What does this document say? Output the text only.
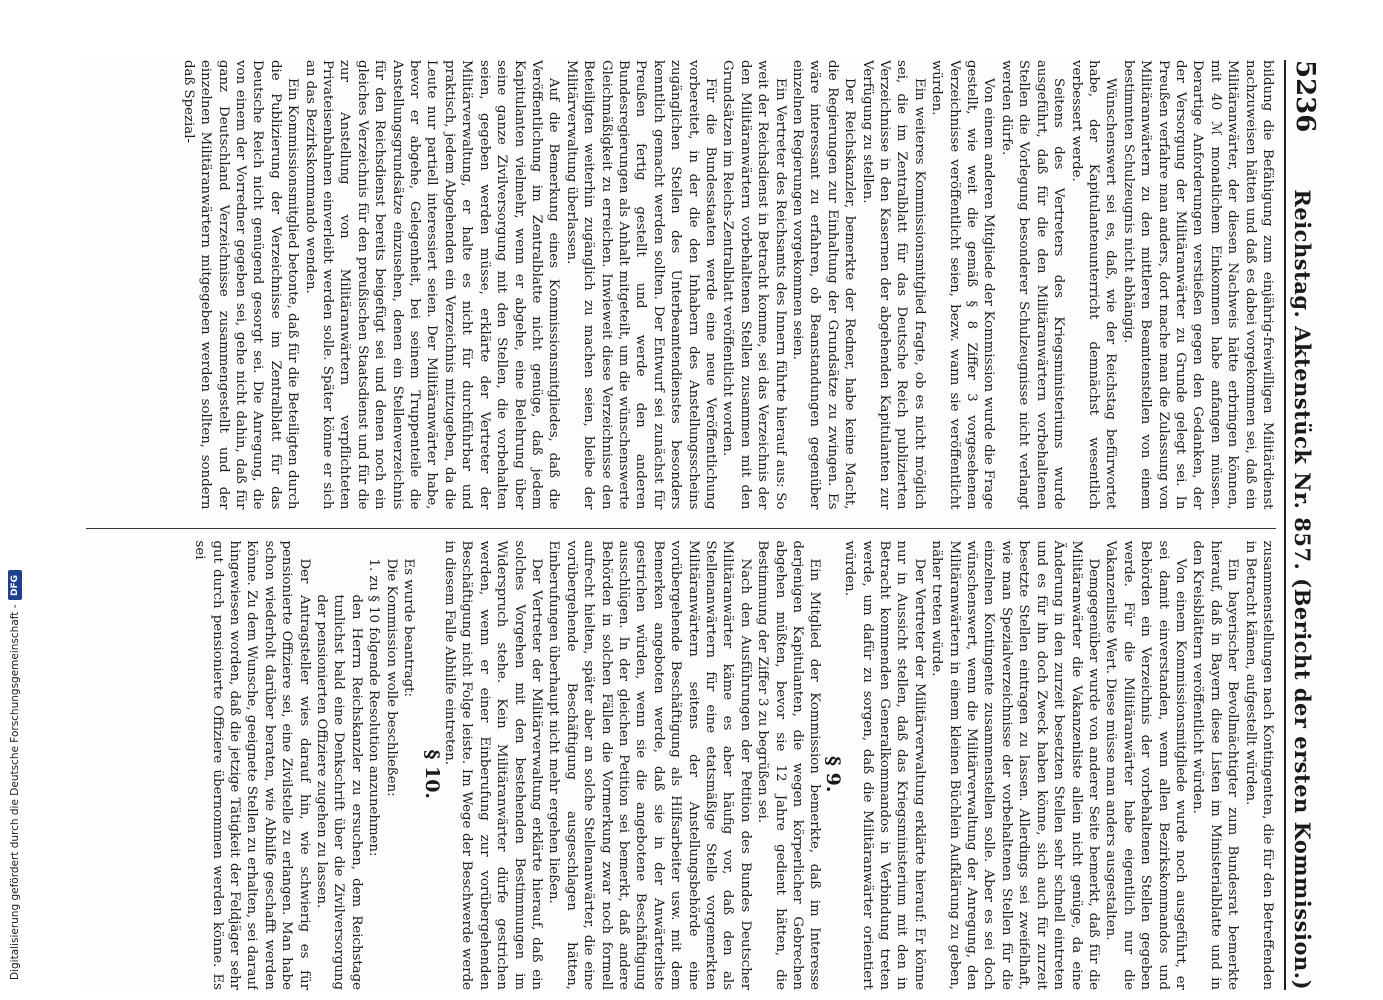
Digitalisierung gefördert durch die Deutsche Forschungsgemeinschaft -
DFG
5236
Reichstag. Aktenstück Nr. 857. (Bericht der ersten Kommission.)

bildung die Befähigung zum einjährig-freiwilligen Militärdienst nachzuweisen hätten und daß es dabei vorgekommen sei, daß ein Militäranwärter, der diesen Nachweis hätte erbringen können, mit 40 ℳ monatlichem Einkommen habe anfangen müssen. Derartige Anforderungen verstießen gegen den Gedanken, der der Versorgung der Militäranwärter zu Grunde gelegt sei. In Preußen verfahre man anders, dort mache man die Zulassung von Militäranwärtern zu den mittleren Beamtenstellen von einem bestimmten Schulzeugnis nicht abhängig.

Wünschenswert sei es, daß, wie der Reichstag befürwortet habe, der Kapitulantenunterricht demnächst wesentlich verbessert werde.

Seitens des Vertreters des Kriegsministeriums wurde ausgeführt, daß für die den Militäranwärtern vorbehaltenen Stellen die Vorlegung besonderer Schulzeugnisse nicht verlangt werden dürfe.

Von einem anderen Mitgliede der Kommission wurde die Frage gestellt, wie weit die gemäß § 8 Ziffer 3 vorgesehenen Verzeichnisse veröffentlicht seien, bezw. wann sie veröffentlicht würden.

Ein weiteres Kommissionsmitglied fragte, ob es nicht möglich sei, die im Zentralblatt für das Deutsche Reich publizierten Verzeichnisse in den Kasernen der abgehenden Kapitulanten zur Verfügung zu stellen.

Der Reichskanzler, bemerkte der Redner, habe keine Macht, die Regierungen zur Einhaltung der Grundsätze zu zwingen. Es wäre interessant zu erfahren, ob Beanstandungen gegenüber einzelnen Regierungen vorgekommen seien.

Ein Vertreter des Reichsamts des Innern führte hierauf aus: So weit der Reichsdienst in Betracht komme, sei das Verzeichnis der den Militäranwärtern vorbehaltenen Stellen zusammen mit den Grundsätzen im Reichs-Zentralblatt veröffentlicht worden.

Für die Bundesstaaten werde eine neue Veröffentlichung vorbereitet, in der die den Inhabern des Anstellungsscheins zugänglichen Stellen des Unterbeamtendienstes besonders kenntlich gemacht werden sollten. Der Entwurf sei zunächst für Preußen fertig gestellt und werde den anderen Bundesregierungen als Anhalt mitgeteilt, um die wünschenswerte Gleichmäßigkeit zu erreichen. Inwieweit diese Verzeichnisse den Beteiligten weiterhin zugänglich zu machen seien, bleibe der Militärverwaltung überlassen.

Auf die Bemerkung eines Kommissionsmitgliedes, daß die Veröffentlichung im Zentralblatte nicht genüge, daß jedem Kapitulanten vielmehr, wenn er abgehe, eine Belehrung über seine ganze Zivilversorgung mit den Stellen, die vorbehalten seien, gegeben werden müsse, erklärte der Vertreter der Militärverwaltung, er halte es nicht für durchführbar und praktisch, jedem Abgehenden ein Verzeichnis mitzugeben, da die Leute nur partiell interessiert seien. Der Militäranwärter habe, bevor er abgehe, Gelegenheit, bei seinem Truppenteile die Anstellungsgrundsätze einzusehen, denen ein Stellenverzeichnis für den Reichsdienst bereits beigefügt sei und denen noch ein gleiches Verzeichnis für den preußischen Staatsdienst und für die zur Anstellung von Militäranwärtern verpflichteten Privateisenbahnen einverleibt werden solle. Später könne er sich an das Bezirkskommando wenden.

Ein Kommissionsmitglied betonte, daß für die Beteiligten durch die Publizierung der Verzeichnisse im Zentralblatt für das Deutsche Reich nicht genügend gesorgt sei. Die Anregung, die von einem der Vorredner gegeben sei, gehe nicht dahin, daß für ganz Deutschland Verzeichnisse zusammengestellt und der einzelnen Militäranwärtern mitgegeben werden sollten, sondern daß Spezial-

zusammenstellungen nach Kontingenten, die für den Betreffenden in Betracht kämen, aufgestellt würden.

Ein bayerischer Bevollmächtigter zum Bundesrat bemerkte hierauf, daß in Bayern diese Listen im Ministerialblatte und in den Kreisblättern veröffentlicht würden.

Von einem Kommissionsmitgliede wurde noch ausgeführt, er sei damit einverstanden, wenn allen Bezirkskommandos und Behörden ein Verzeichnis der vorbehaltenen Stellen gegeben werde. Für die Militäranwärter habe eigentlich nur die Vakanzenliste Wert. Diese müsse man anders ausgestalten.

Demgegenüber wurde von anderer Seite bemerkt, daß für die Militäranwärter die Vakanzenliste allein nicht genüge, da eine Änderung in den zurzeit besetzten Stellen sehr schnell eintreten und es für ihn doch Zweck haben könne, sich auch für zurzeit besetzte Stellen eintragen zu lassen. Allerdings sei zweifelhaft, wie man Spezialverzeichnisse der vorbehaltenen Stellen für die einzelnen Kontingente zusammenstellen solle. Aber es sei doch wünschenswert, wenn die Militärverwaltung der Anregung, den Militäranwärtern in einem kleinen Büchlein Aufklärung zu geben, näher treten würde.

Der Vertreter der Militärverwaltung erklärte hierauf: Er könne nur in Aussicht stellen, daß das Kriegsministerium mit den in Betracht kommenden Generalkommandos in Verbindung treten werde, um dafür zu sorgen, daß die Militäranwärter orientiert würden.

§ 9.

Ein Mitglied der Kommission bemerkte, daß im Interesse derjenigen Kapitulanten, die wegen körperlicher Gebrechen abgehen müßten, bevor sie 12 Jahre gedient hätten, die Bestimmung der Ziffer 3 zu begrüßen sei.

Nach den Ausführungen der Petition des Bundes Deutscher Militäranwärter käme es aber häufig vor, daß den als Stellenanwärtern für eine etatsmäßige Stelle vorgemerkten Militäranwärtern seitens der Anstellungsbehörde eine vorübergehende Beschäftigung als Hilfsarbeiter usw. mit dem Bemerken angeboten werde, daß sie in der Anwärterliste gestrichen würden, wenn sie die angebotene Beschäftigung ausschlügen. In der gleichen Petition sei bemerkt, daß andere Behörden in solchen Fällen die Vormerkung zwar noch formell aufrecht hielten, später aber an solche Stellenanwärter, die eine vorübergehende Beschäftigung ausgeschlagen hätten, Einberufungen überhaupt nicht mehr ergehen ließen.

Der Vertreter der Militärverwaltung erklärte hierauf, daß ein solches Vorgehen mit den bestehenden Bestimmungen im Widerspruch stehe. Kein Militäranwärter dürfe gestrichen werden, wenn er einer Einberufung zur vorübergehenden Beschäftigung nicht Folge leiste. Im Wege der Beschwerde werde in diesem Falle Abhilfe eintreten.

§ 10.

Es wurde beantragt:

Die Kommission wolle beschließen:

1. zu § 10 folgende Resolution anzunehmen:

den Herrn Reichskanzler zu ersuchen, dem Reichstage tunlichst bald eine Denkschrift über die Zivilversorgung der pensionierten Offiziere zugehen zu lassen.

Der Antragsteller wies darauf hin, wie schwierig es für pensionierte Offiziere sei, eine Zivilstelle zu erlangen. Man habe schon wiederholt darüber beraten, wie Abhilfe geschafft werden könne. Zu dem Wunsche, geeignete Stellen zu erhalten, sei darauf hingewiesen worden, daß die jetzige Tätigkeit der Feldjäger sehr gut durch pensionierte Offiziere übernommen werden könne. Es sei
